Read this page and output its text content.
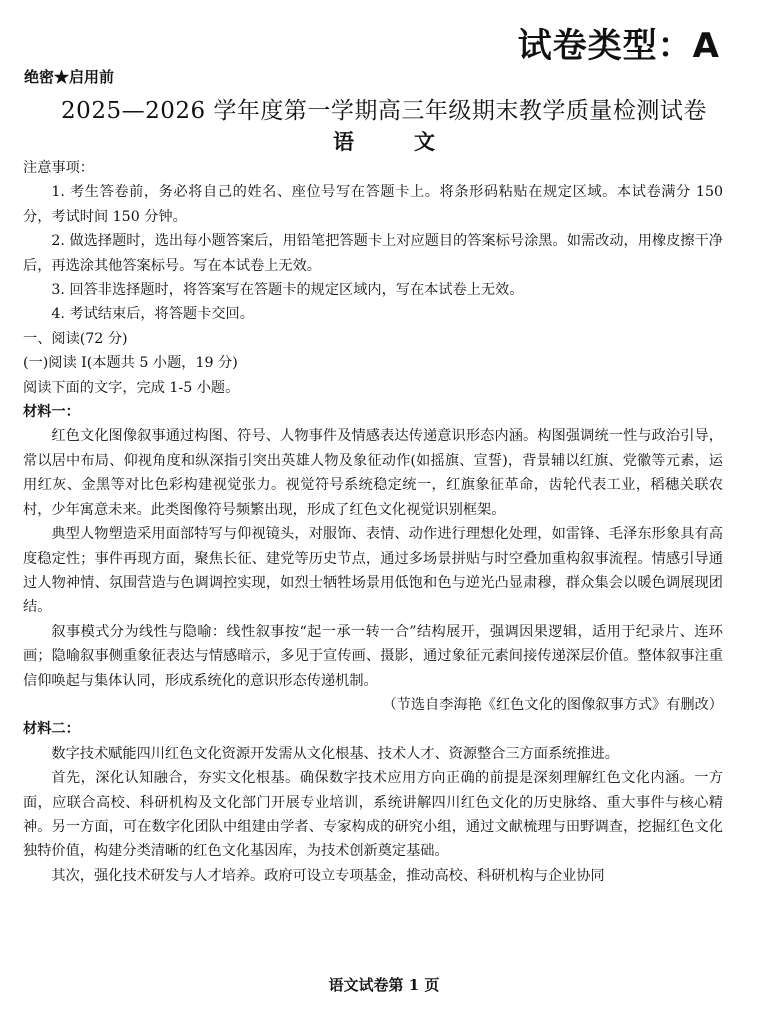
试卷类型：A
绝密★启用前
2025—2026 学年度第一学期高三年级期末教学质量检测试卷
语文

注意事项：

1. 考生答卷前，务必将自己的姓名、座位号写在答题卡上。将条形码粘贴在规定区域。本试卷满分 150 分，考试时间 150 分钟。

2. 做选择题时，选出每小题答案后，用铅笔把答题卡上对应题目的答案标号涂黑。如需改动，用橡皮擦干净后，再选涂其他答案标号。写在本试卷上无效。

3. 回答非选择题时，将答案写在答题卡的规定区域内，写在本试卷上无效。

4. 考试结束后，将答题卡交回。

一、阅读(72 分)

(一)阅读 Ⅰ(本题共 5 小题，19 分)

阅读下面的文字，完成 1-5 小题。

材料一：

红色文化图像叙事通过构图、符号、人物事件及情感表达传递意识形态内涵。构图强调统一性与政治引导，常以居中布局、仰视角度和纵深指引突出英雄人物及象征动作(如摇旗、宣誓)，背景辅以红旗、党徽等元素，运用红灰、金黑等对比色彩构建视觉张力。视觉符号系统稳定统一，红旗象征革命，齿轮代表工业，稻穗关联农村，少年寓意未来。此类图像符号频繁出现，形成了红色文化视觉识别框架。

典型人物塑造采用面部特写与仰视镜头，对服饰、表情、动作进行理想化处理，如雷锋、毛泽东形象具有高度稳定性；事件再现方面，聚焦长征、建党等历史节点，通过多场景拼贴与时空叠加重构叙事流程。情感引导通过人物神情、氛围营造与色调调控实现，如烈士牺牲场景用低饱和色与逆光凸显肃穆，群众集会以暖色调展现团结。

叙事模式分为线性与隐喻：线性叙事按“起一承一转一合”结构展开，强调因果逻辑，适用于纪录片、连环画；隐喻叙事侧重象征表达与情感暗示，多见于宣传画、摄影，通过象征元素间接传递深层价值。整体叙事注重信仰唤起与集体认同，形成系统化的意识形态传递机制。

（节选自李海艳《红色文化的图像叙事方式》有删改）

材料二：

数字技术赋能四川红色文化资源开发需从文化根基、技术人才、资源整合三方面系统推进。

首先，深化认知融合，夯实文化根基。确保数字技术应用方向正确的前提是深刻理解红色文化内涵。一方面，应联合高校、科研机构及文化部门开展专业培训，系统讲解四川红色文化的历史脉络、重大事件与核心精神。另一方面，可在数字化团队中组建由学者、专家构成的研究小组，通过文献梳理与田野调查，挖掘红色文化独特价值，构建分类清晰的红色文化基因库，为技术创新奠定基础。

其次，强化技术研发与人才培养。政府可设立专项基金，推动高校、科研机构与企业协同

语文试卷第 1 页
